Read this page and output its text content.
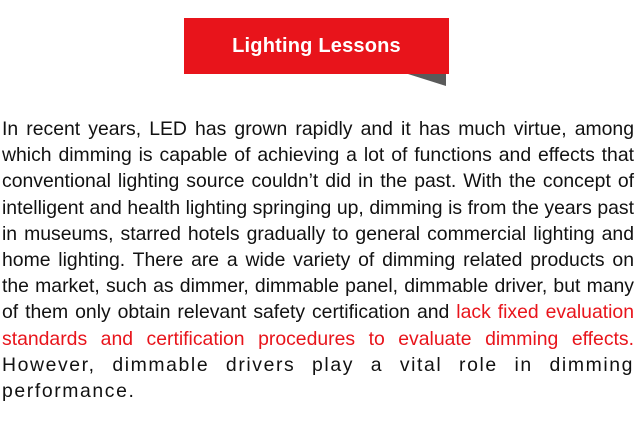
Lighting Lessons

In recent years, LED has grown rapidly and it has much virtue, among which dimming is capable of achieving a lot of functions and effects that conventional lighting source couldn’t did in the past. With the concept of intelligent and health lighting springing up, dimming is from the years past in museums, starred hotels gradually to general commercial lighting and home lighting. There are a wide variety of dimming related products on the market, such as dimmer, dimmable panel, dimmable driver, but many of them only obtain relevant safety certification and lack fixed evaluation standards and certification procedures to evaluate dimming effects. However, dimmable drivers play a vital role in dimming performance.
